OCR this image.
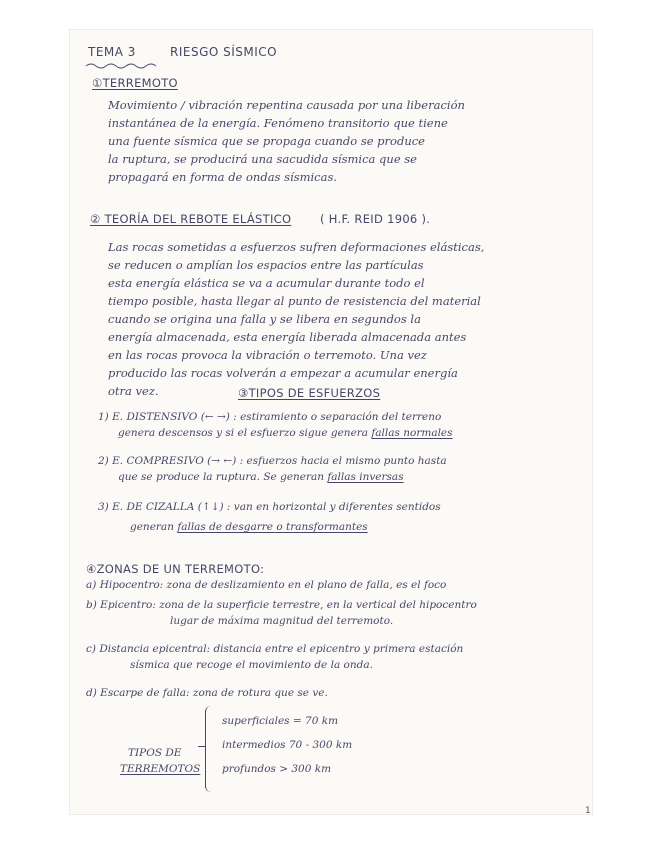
TEMA 3	RIESGO SÍSMICO
①TERREMOTO
Movimiento / vibración repentina causada por una liberación
instantánea de la energía. Fenómeno transitorio que tiene
una fuente sísmica que se propaga cuando se produce
la ruptura, se producirá una sacudida sísmica que se
propagará en forma de ondas sísmicas.
② TEORÍA DEL REBOTE ELÁSTICO ( H.F. REID 1906 ).
Las rocas sometidas a esfuerzos sufren deformaciones elásticas,
se reducen o amplían los espacios entre las partículas
esta energía elástica se va a acumular durante todo el
tiempo posible, hasta llegar al punto de resistencia del material
cuando se origina una falla y se libera en segundos la
energía almacenada, esta energía liberada almacenada antes
en las rocas provoca la vibración o terremoto. Una vez
producido las rocas volverán a empezar a acumular energía
otra vez.	③TIPOS DE ESFUERZOS
1) E. DISTENSIVO (← →) : estiramiento o separación del terreno
genera descensos y si el esfuerzo sigue genera fallas normales
2) E. COMPRESIVO (→ ←) : esfuerzos hacia el mismo punto hasta
que se produce la ruptura. Se generan fallas inversas
3) E. DE CIZALLA (↑↓) : van en horizontal y diferentes sentidos
generan fallas de desgarre o transformantes
④ZONAS DE UN TERREMOTO:
a) Hipocentro: zona de deslizamiento en el plano de falla, es el foco
b) Epicentro: zona de la superficie terrestre, en la vertical del hipocentro
lugar de máxima magnitud del terremoto.
c) Distancia epicentral: distancia entre el epicentro y primera estación
sísmica que recoge el movimiento de la onda.
d) Escarpe de falla: zona de rotura que se ve.
TIPOS DE
TERREMOTOS
superficiales = 70 km
intermedios 70 - 300 km
profundos > 300 km
1
